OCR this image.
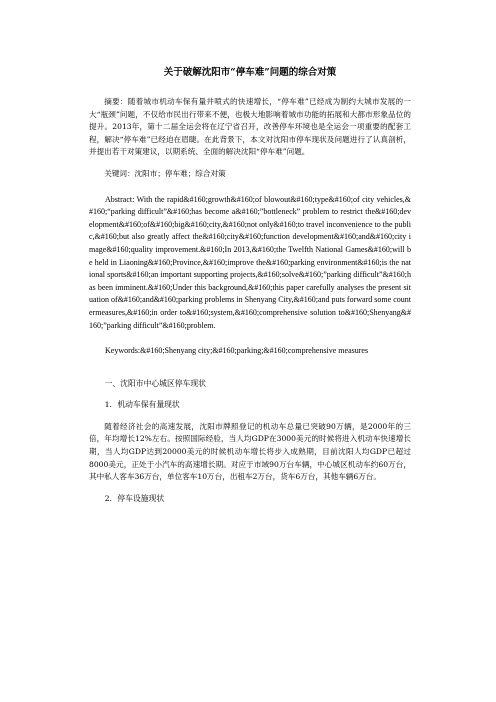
关于破解沈阳市“停车难”问题的综合对策

摘要：随着城市机动车保有量井喷式的快速增长，“停车难”已经成为制约大城市发展的一大“瓶颈”问题，不仅给市民出行带来不便，也极大地影响着城市功能的拓展和大都市形象品位的提升。2013年，第十二届全运会将在辽宁省召开，改善停车环境也是全运会一项重要的配套工程，解决“停车难”已经迫在眉睫。在此背景下，本文对沈阳市停车现状及问题进行了认真剖析，并提出若干对策建议，以期系统、全面的解决沈阳“停车难”问题。

关键词：沈阳市；停车难；综合对策

Abstract: With the rapid&#160;growth&#160;of blowout&#160;type&#160;of city vehicles,&#160;“parking difficult”&#160;has become a&#160;”bottleneck” problem to restrict the&#160;development&#160;of&#160;big&#160;city,&#160;not only&#160;to travel inconvenience to the public,&#160;but also greatly affect the&#160;city&#160;function development&#160;and&#160;city image&#160;quality improvement.&#160;In 2013,&#160;the Twelfth National Games&#160;will be held in Liaoning&#160;Province,&#160;improve the&#160;parking environment&#160;is the national sports&#160;an important supporting projects,&#160;solve&#160;”parking difficult”&#160;has been imminent.&#160;Under this background,&#160;this paper carefully analyses the present situation of&#160;and&#160;parking problems in Shenyang City,&#160;and puts forward some countermeasures,&#160;in order to&#160;system,&#160;comprehensive solution to&#160;Shenyang&#160;”parking difficult”&#160;problem.

Keywords:&#160;Shenyang city;&#160;parking;&#160;comprehensive measures

一、沈阳市中心城区停车现状

1．机动车保有量现状

随着经济社会的高速发展，沈阳市牌照登记的机动车总量已突破90万辆，是2000年的三倍，年均增长12%左右。按照国际经验，当人均GDP在3000美元的时候将进入机动车快速增长期，当人均GDP达到20000美元的时候机动车增长将步入成熟期，目前沈阳人均GDP已超过8000美元，正处于小汽车的高速增长期。对应于市域90万台车辆，中心城区机动车约60万台，其中私人客车36万台，单位客车10万台，出租车2万台，货车6万台，其他车辆6万台。

2．停车设施现状
